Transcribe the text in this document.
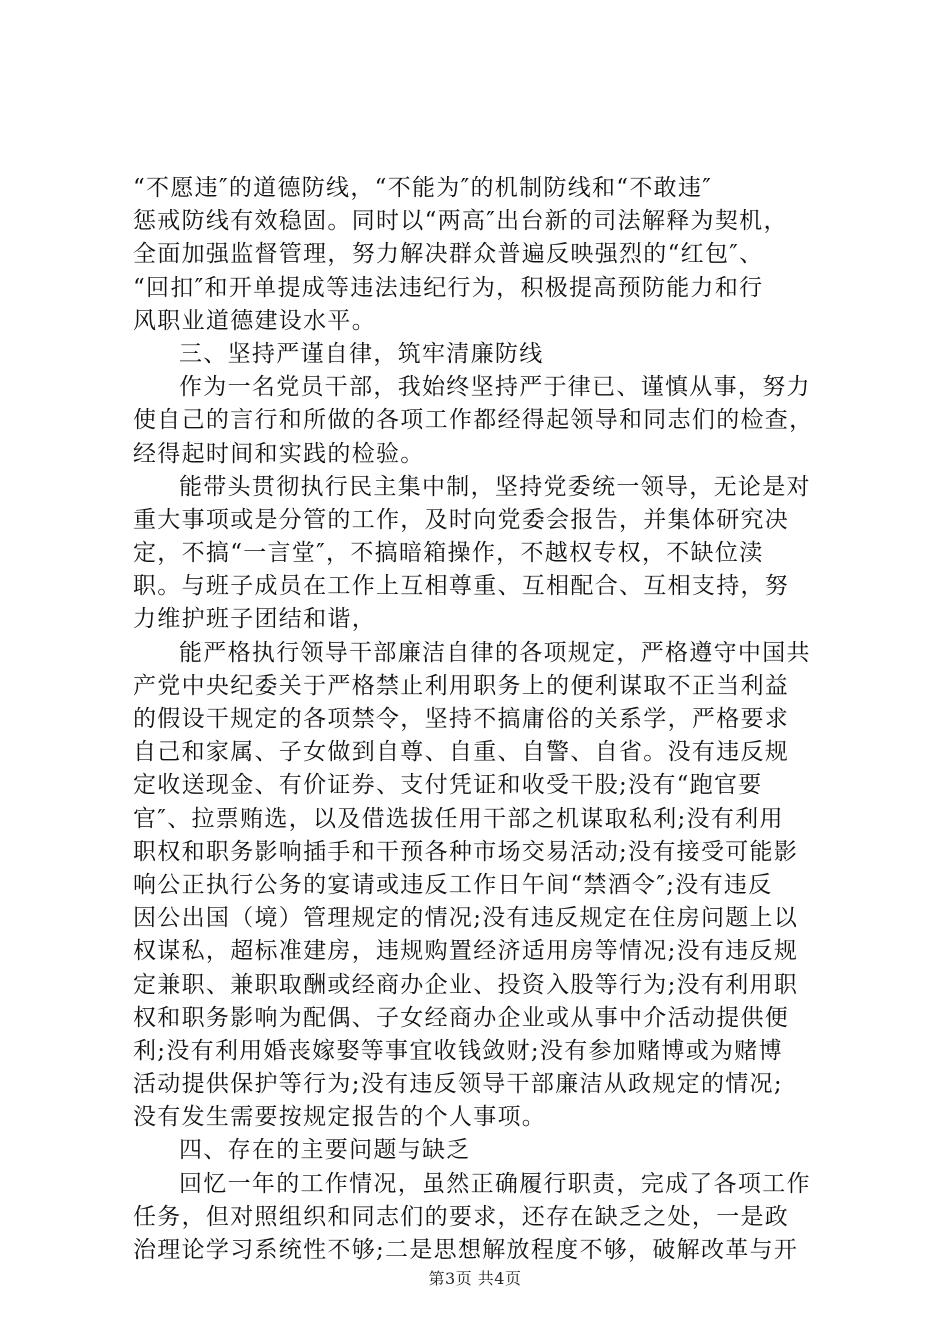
“不愿违″的道德防线，“不能为″的机制防线和“不敢违″
惩戒防线有效稳固。同时以“两高″出台新的司法解释为契机，
全面加强监督管理，努力解决群众普遍反映强烈的“红包″、
“回扣″和开单提成等违法违纪行为，积极提高预防能力和行
风职业道德建设水平。
三、坚持严谨自律，筑牢清廉防线
作为一名党员干部，我始终坚持严于律已、谨慎从事，努力
使自己的言行和所做的各项工作都经得起领导和同志们的检查，
经得起时间和实践的检验。
能带头贯彻执行民主集中制，坚持党委统一领导，无论是对
重大事项或是分管的工作，及时向党委会报告，并集体研究决
定，不搞“一言堂″，不搞暗箱操作，不越权专权，不缺位渎
职。与班子成员在工作上互相尊重、互相配合、互相支持，努
力维护班子团结和谐，
能严格执行领导干部廉洁自律的各项规定，严格遵守中国共
产党中央纪委关于严格禁止利用职务上的便利谋取不正当利益
的假设干规定的各项禁令，坚持不搞庸俗的关系学，严格要求
自己和家属、子女做到自尊、自重、自警、自省。没有违反规
定收送现金、有价证券、支付凭证和收受干股;没有“跑官要
官″、拉票贿选，以及借选拔任用干部之机谋取私利;没有利用
职权和职务影响插手和干预各种市场交易活动;没有接受可能影
响公正执行公务的宴请或违反工作日午间“禁酒令″;没有违反
因公出国（境）管理规定的情况;没有违反规定在住房问题上以
权谋私，超标准建房，违规购置经济适用房等情况;没有违反规
定兼职、兼职取酬或经商办企业、投资入股等行为;没有利用职
权和职务影响为配偶、子女经商办企业或从事中介活动提供便
利;没有利用婚丧嫁娶等事宜收钱敛财;没有参加赌博或为赌博
活动提供保护等行为;没有违反领导干部廉洁从政规定的情况;
没有发生需要按规定报告的个人事项。
四、存在的主要问题与缺乏
回忆一年的工作情况，虽然正确履行职责，完成了各项工作
任务，但对照组织和同志们的要求，还存在缺乏之处，一是政
治理论学习系统性不够;二是思想解放程度不够，破解改革与开
第3页 共4页
